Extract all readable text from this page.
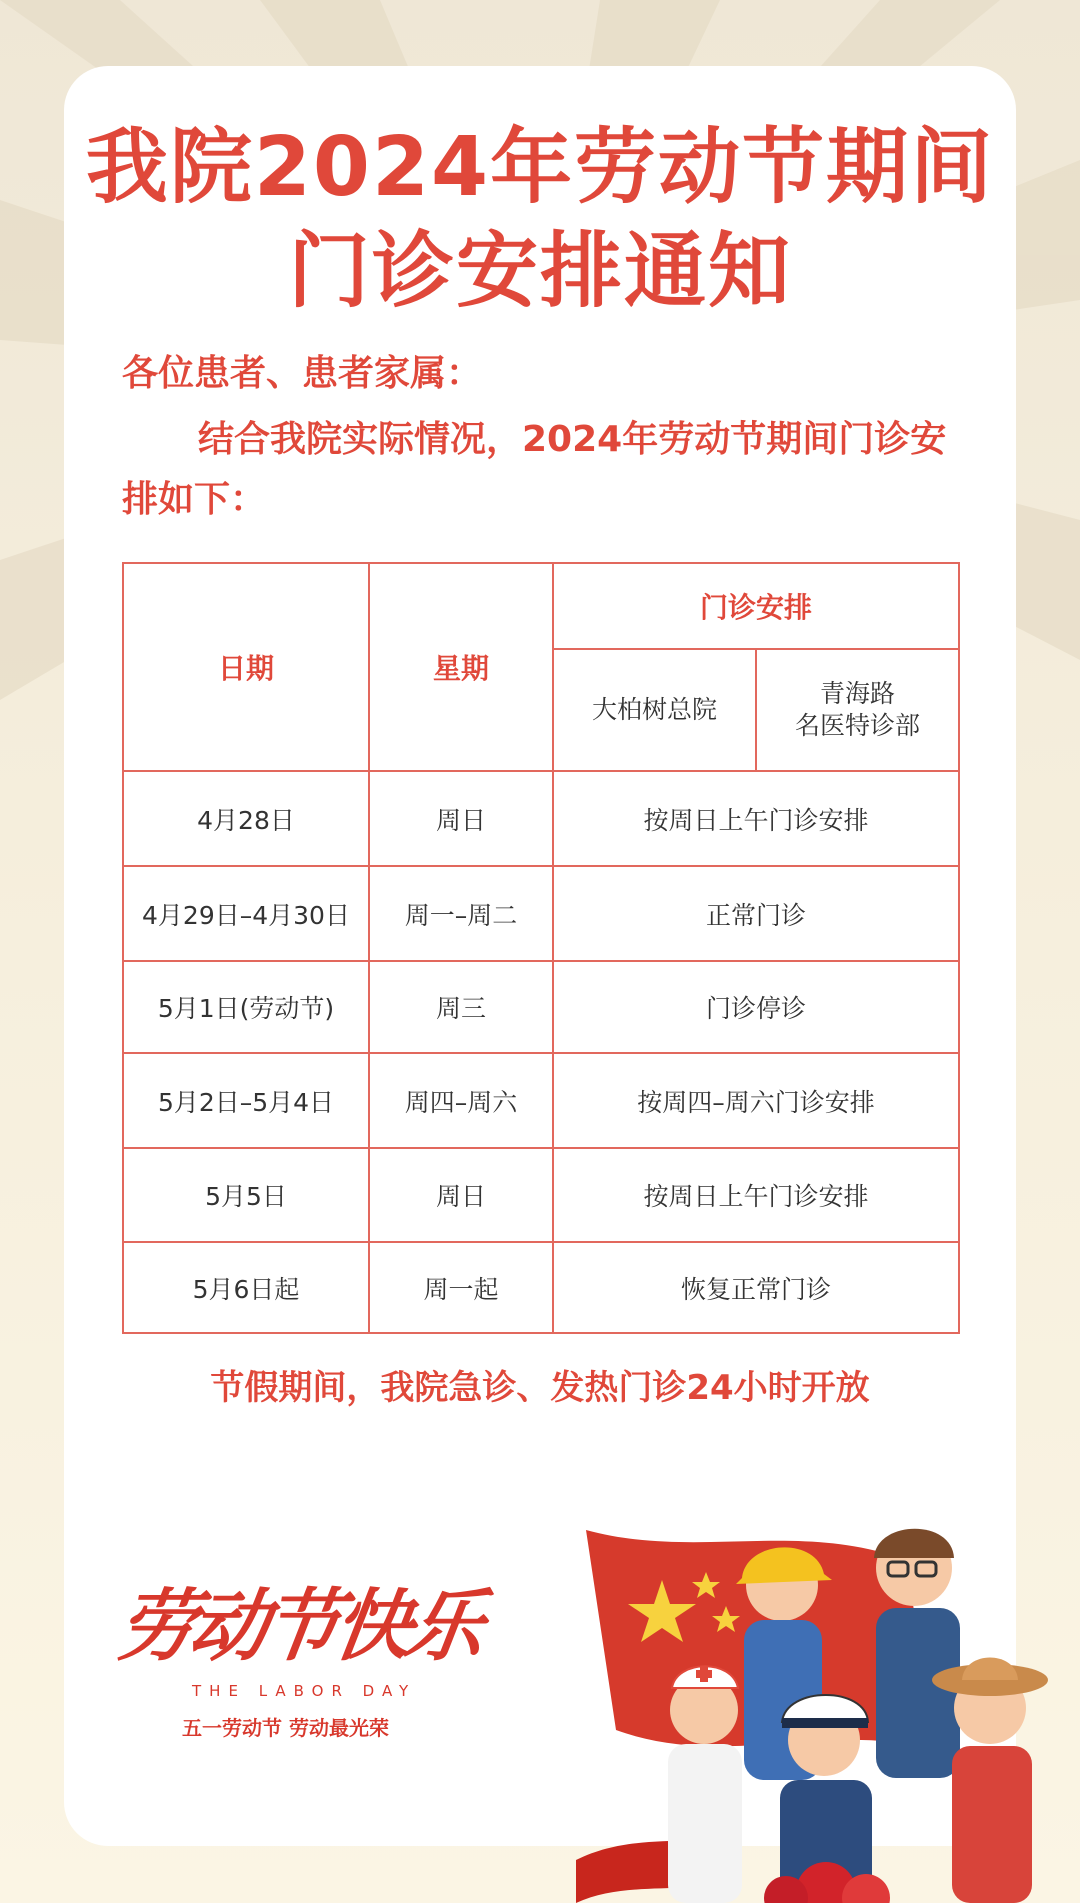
我院2024年劳动节期间
门诊安排通知
各位患者、患者家属：
结合我院实际情况，2024年劳动节期间门诊安排如下：
日期	星期	门诊安排	
		大柏树总院	青海路
名医特诊部

4月28日	周日	按周日上午门诊安排	
4月29日–4月30日	周一–周二	正常门诊	
5月1日(劳动节)	周三	门诊停诊	
5月2日–5月4日	周四–周六	按周四–周六门诊安排	
5月5日	周日	按周日上午门诊安排	
5月6日起	周一起	恢复正常门诊	
节假期间，我院急诊、发热门诊24小时开放
劳动节快乐
THE LABOR DAY
五一劳动节 劳动最光荣
